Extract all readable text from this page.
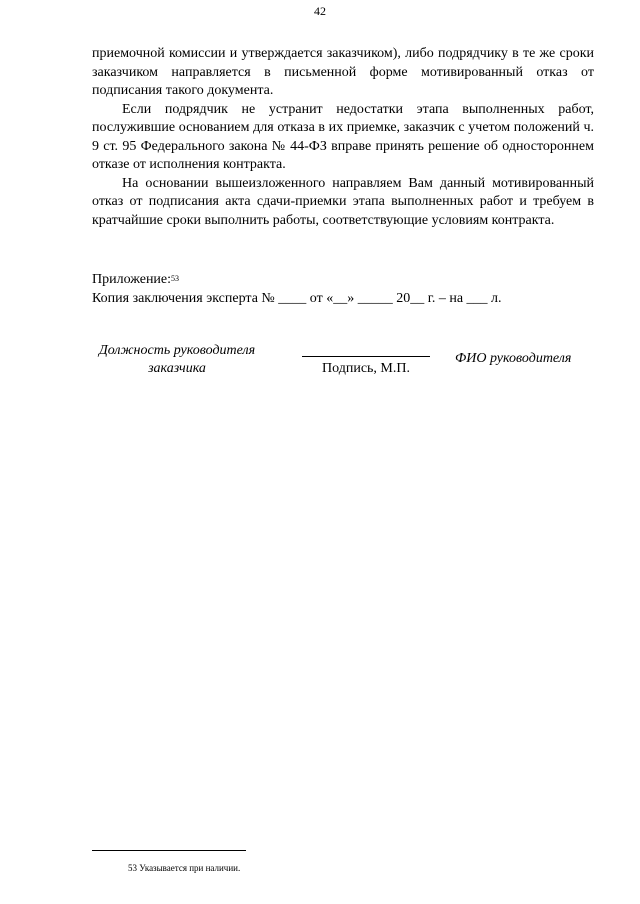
42

приемочной комиссии и утверждается заказчиком), либо подрядчику в те же сроки заказчиком направляется в письменной форме мотивированный отказ от подписания такого документа.

Если подрядчик не устранит недостатки этапа выполненных работ, послужившие основанием для отказа в их приемке, заказчик с учетом положений ч. 9 ст. 95 Федерального закона № 44-ФЗ вправе принять решение об одностороннем отказе от исполнения контракта.

На основании вышеизложенного направляем Вам данный мотивированный отказ от подписания акта сдачи-приемки этапа выполненных работ и требуем в кратчайшие сроки выполнить работы, соответствующие условиям контракта.

Приложение:$^{53}$

Копия заключения эксперта № ____ от «__» _____ 20__ г. – на ___ л.

Должность руководителя заказчика	Подпись, М.П.
ФИО руководителя
53 Указывается при наличии.
